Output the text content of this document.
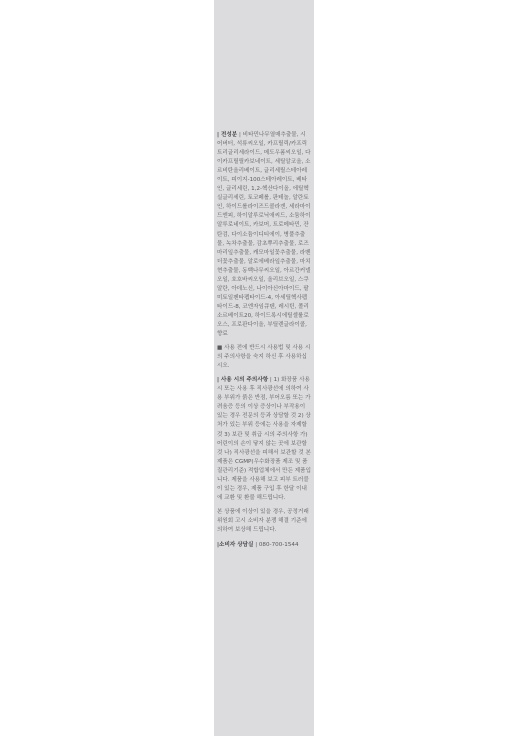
| 전성분 | 비타민나무열매추출물, 시어버터, 석류씨오일, 카프릴릭/카프릭트리글리세라이드, 메도우폼씨오일, 다이카프릴릴카보네이트, 세틸알코올, 소르비탄올리베이트, 글리세릴스테아레이트, 피이지-100스테아레이트, 베타인, 글리세린, 1,2-헥산다이올, 에틸헥실글리세린, 토코페롤, 판테놀, 알란토인, 하이드롤라이즈드콜라겐, 세라마이드엔피, 하이알루로닉애씨드, 소듐하이알루로네이트, 카보머, 트로메타민, 잔탄검, 다이소듐이디티에이, 병풀추출물, 녹차추출물, 감초뿌리추출물, 로즈마리잎추출물, 캐모마일꽃추출물, 라벤더꽃추출물, 알로에베라잎추출물, 마치현추출물, 동백나무씨오일, 아르간커넬오일, 호호바씨오일, 올리브오일, 스쿠알란, 아데노신, 나이아신아마이드, 팔미토일펜타펩타이드-4, 아세틸헥사펩타이드-8, 코엔자임큐텐, 레시틴, 폴리소르베이트20, 하이드록시에틸셀룰로오스, 프로판다이올, 부틸렌글라이콜, 향료

■ 사용 전에 반드시 사용법 및 사용 시의 주의사항을 숙지 하신 후 사용하십시오.

| 사용 시의 주의사항 | 1) 화장품 사용 시 또는 사용 후 직사광선에 의하여 사용 부위가 붉은 반점, 부어오름 또는 가려움증 등의 이상 증상이나 부작용이 있는 경우 전문의 등과 상담할 것 2) 상처가 있는 부위 등에는 사용을 자제할 것 3) 보관 및 취급 시의 주의사항 가) 어린이의 손이 닿지 않는 곳에 보관할 것 나) 직사광선을 피해서 보관할 것 본 제품은 CGMP(우수화장품 제조 및 품질관리기준) 적합업체에서 만든 제품입니다. 제품을 사용해 보고 피부 트러블이 있는 경우, 제품 구입 후 한달 이내에 교환 및 환불 해드립니다.

본 상품에 이상이 있을 경우, 공정거래위원회 고시 소비자 분쟁 해결 기준에 의하여 보상해 드립니다.

|소비자 상담실 | 080-700-1544
